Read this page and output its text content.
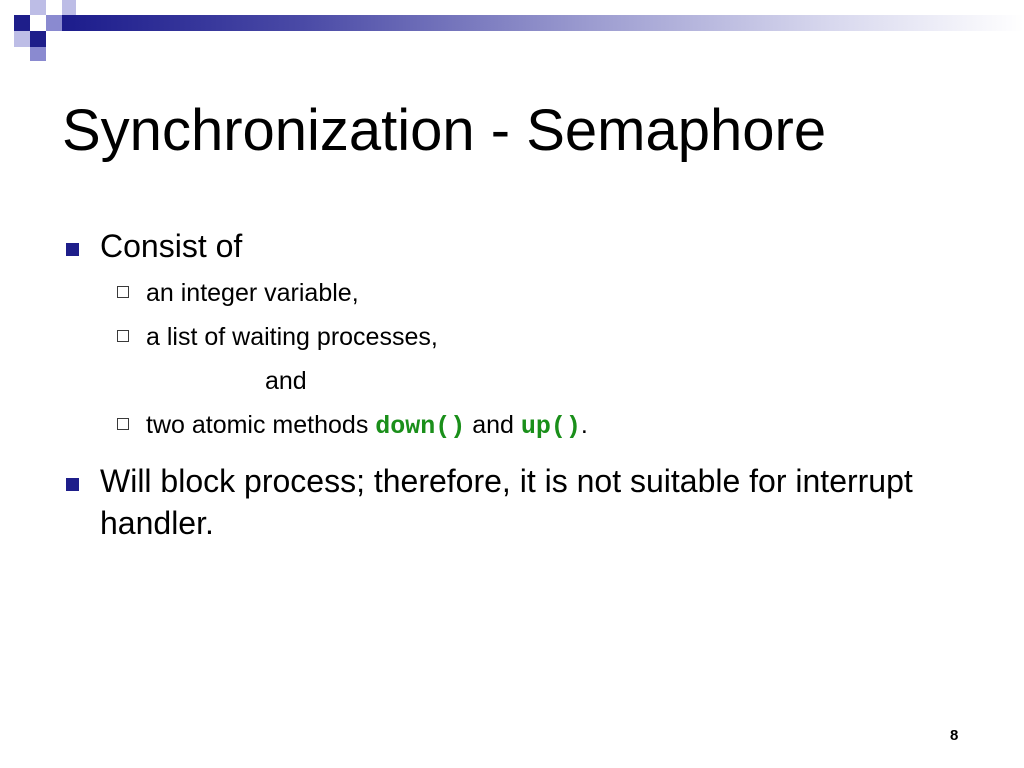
Synchronization - Semaphore
Consist of
an integer variable,
a list of waiting processes,
and
two atomic methods down() and up().
Will block process; therefore, it is not suitable for interrupt handler.
8
